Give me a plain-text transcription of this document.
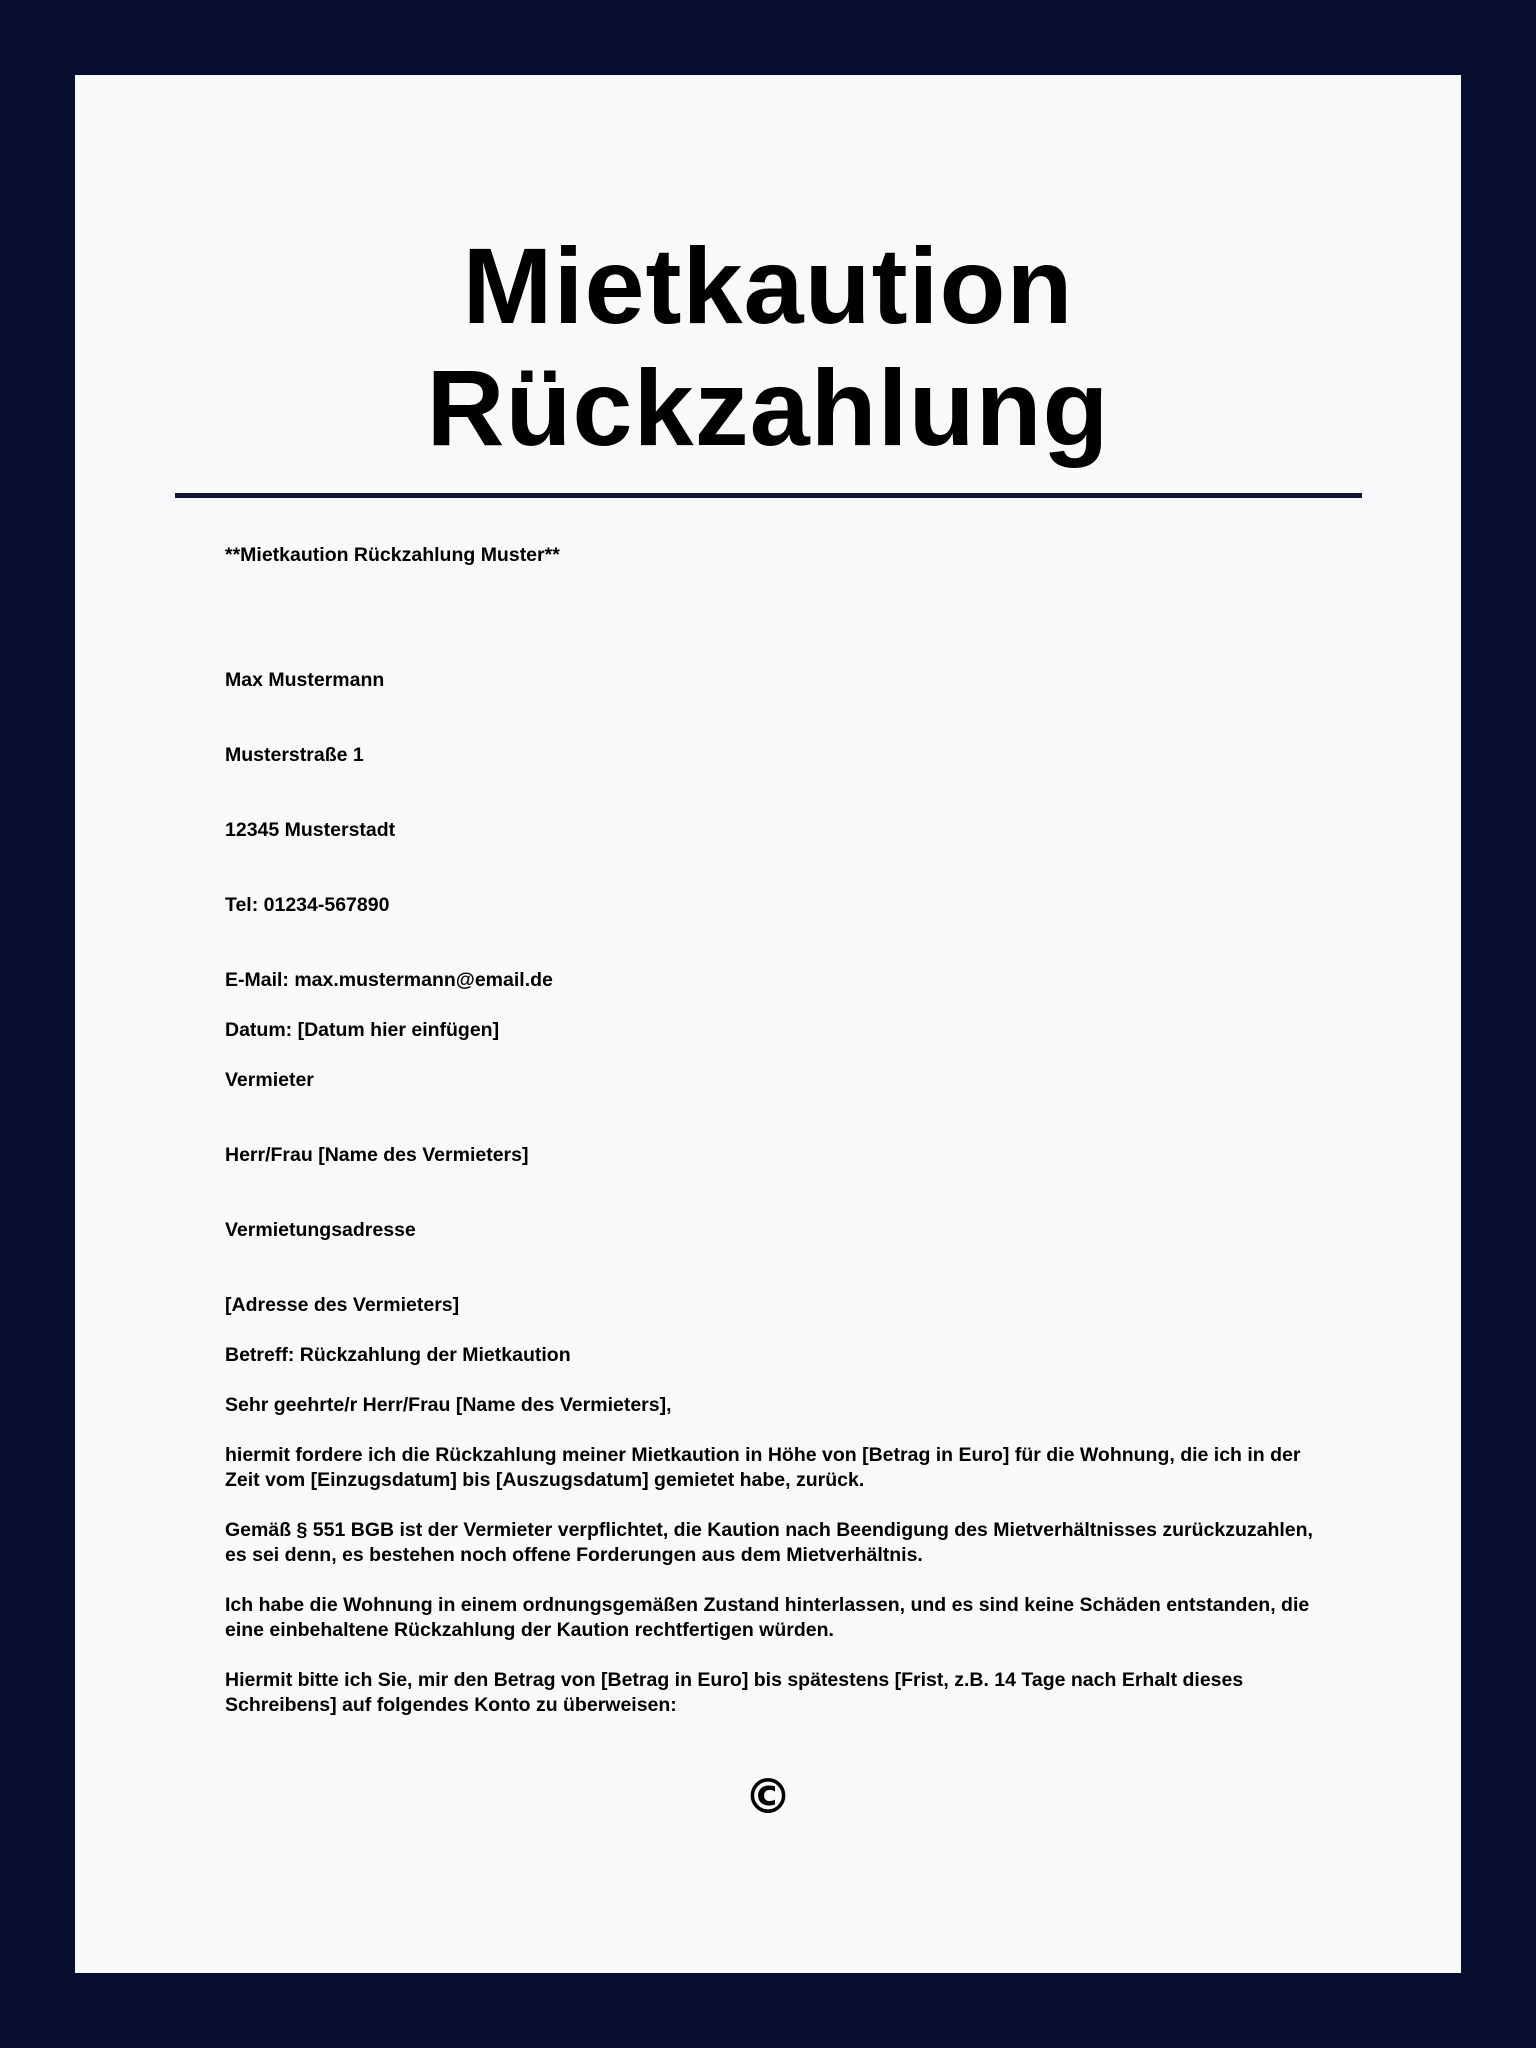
Mietkaution
Rückzahlung
**Mietkaution Rückzahlung Muster**
Max Mustermann
Musterstraße 1
12345 Musterstadt
Tel: 01234-567890
E-Mail: max.mustermann@email.de
Datum: [Datum hier einfügen]
Vermieter
Herr/Frau [Name des Vermieters]
Vermietungsadresse
[Adresse des Vermieters]
Betreff: Rückzahlung der Mietkaution
Sehr geehrte/r Herr/Frau [Name des Vermieters],
hiermit fordere ich die Rückzahlung meiner Mietkaution in Höhe von [Betrag in Euro] für die Wohnung, die ich in der
Zeit vom [Einzugsdatum] bis [Auszugsdatum] gemietet habe, zurück.
Gemäß § 551 BGB ist der Vermieter verpflichtet, die Kaution nach Beendigung des Mietverhältnisses zurückzuzahlen,
es sei denn, es bestehen noch offene Forderungen aus dem Mietverhältnis.
Ich habe die Wohnung in einem ordnungsgemäßen Zustand hinterlassen, und es sind keine Schäden entstanden, die
eine einbehaltene Rückzahlung der Kaution rechtfertigen würden.
Hiermit bitte ich Sie, mir den Betrag von [Betrag in Euro] bis spätestens [Frist, z.B. 14 Tage nach Erhalt dieses
Schreibens] auf folgendes Konto zu überweisen:
©
